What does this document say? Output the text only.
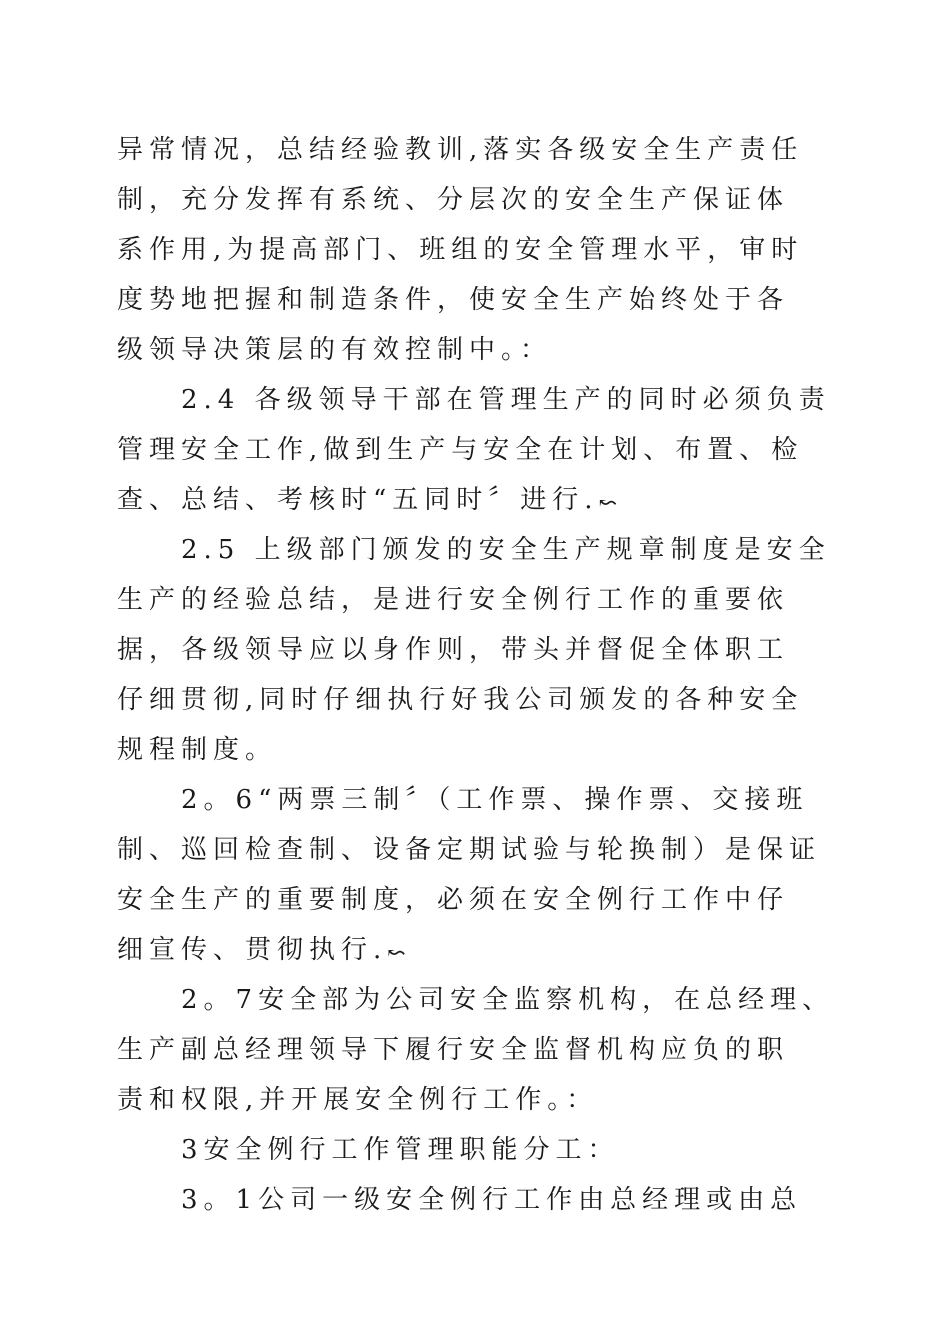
异常情况，总结经验教训,落实各级安全生产责任
制，充分发挥有系统、分层次的安全生产保证体
系作用,为提高部门、班组的安全管理水平，审时
度势地把握和制造条件，使安全生产始终处于各
级领导决策层的有效控制中。：
2.4 各级领导干部在管理生产的同时必须负责
管理安全工作,做到生产与安全在计划、布置、检
查、总结、考核时“五同时〞进行.↜
2.5 上级部门颁发的安全生产规章制度是安全
生产的经验总结，是进行安全例行工作的重要依
据，各级领导应以身作则，带头并督促全体职工
仔细贯彻,同时仔细执行好我公司颁发的各种安全
规程制度。
2。6“两票三制〞（工作票、操作票、交接班
制、巡回检查制、设备定期试验与轮换制）是保证
安全生产的重要制度，必须在安全例行工作中仔
细宣传、贯彻执行.↜
2。7安全部为公司安全监察机构，在总经理、
生产副总经理领导下履行安全监督机构应负的职
责和权限,并开展安全例行工作。：
3安全例行工作管理职能分工：
3。1公司一级安全例行工作由总经理或由总
